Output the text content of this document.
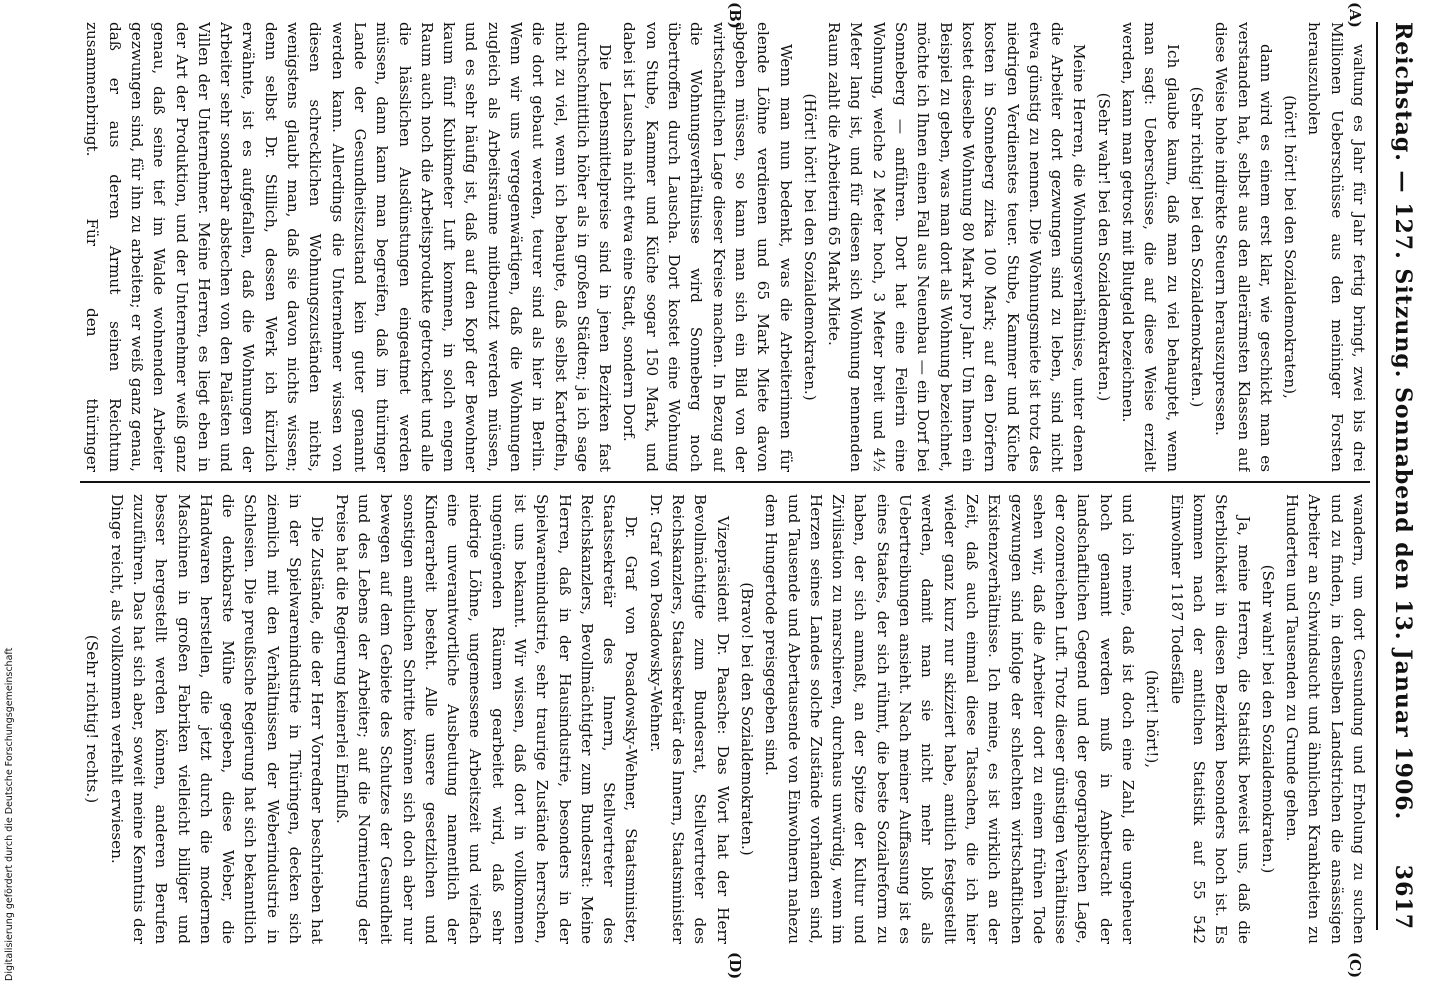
Reichstag. — 127. Sitzung. Sonnabend den 13. Januar 1906.
3617
(A)
(B)
(C)
(D)

waltung es Jahr für Jahr fertig bringt, zwei bis drei Millionen Ueberschüsse aus den meininger Forsten herauszuholen

(hört! hört! bei den Sozialdemokraten),

dann wird es einem erst klar, wie geschickt man es verstanden hat, selbst aus den allerärmsten Klassen auf diese Weise hohe indirekte Steuern herauszupressen.

(Sehr richtig! bei den Sozialdemokraten.)

Ich glaube kaum, daß man zu viel behauptet, wenn man sagt: Ueberschüsse, die auf diese Weise erzielt werden, kann man getrost mit Blutgeld bezeichnen.

(Sehr wahr! bei den Sozialdemokraten.)

Meine Herren, die Wohnungsverhältnisse, unter denen die Arbeiter dort gezwungen sind zu leben, sind nicht etwa günstig zu nennen. Die Wohnungsmiete ist trotz des niedrigen Verdienstes teuer. Stube, Kammer und Küche kosten in Sonneberg zirka 100 Mark; auf den Dörfern kostet dieselbe Wohnung 80 Mark pro Jahr. Um Ihnen ein Beispiel zu geben, was man dort als Wohnung bezeichnet, möchte ich Ihnen einen Fall aus Neuenbau — ein Dorf bei Sonneberg — anführen. Dort hat eine Feilerin eine Wohnung, welche 2 Meter hoch, 3 Meter breit und 4½ Meter lang ist, und für diesen sich Wohnung nennenden Raum zahlt die Arbeiterin 65 Mark Miete.

(Hört! hört! bei den Sozialdemokraten.)

Wenn man nun bedenkt, was die Arbeiterinnen für elende Löhne verdienen und 65 Mark Miete davon abgeben müssen, so kann man sich ein Bild von der wirtschaftlichen Lage dieser Kreise machen. In Bezug auf die Wohnungsverhältnisse wird Sonneberg noch übertroffen durch Lauscha. Dort kostet eine Wohnung von Stube, Kammer und Küche sogar 150 Mark, und dabei ist Lauscha nicht etwa eine Stadt, sondern Dorf.

Die Lebensmittelpreise sind in jenen Bezirken fast durchschnittlich höher als in großen Städten; ja ich sage nicht zu viel, wenn ich behaupte, daß selbst Kartoffeln, die dort gebaut werden, teurer sind als hier in Berlin. Wenn wir uns vergegenwärtigen, daß die Wohnungen zugleich als Arbeitsräume mitbenutzt werden müssen, und es sehr häufig ist, daß auf den Kopf der Bewohner kaum fünf Kubikmeter Luft kommen, in solch engem Raum auch noch die Arbeitsprodukte getrocknet und alle die hässlichen Ausdünstungen eingeatmet werden müssen, dann kann man begreifen, daß im thüringer Lande der Gesundheitszustand kein guter genannt werden kann. Allerdings die Unternehmer wissen von diesen schrecklichen Wohnungszuständen nichts, wenigstens glaubt man, daß sie davon nichts wissen; denn selbst Dr. Stillich, dessen Werk ich kürzlich erwähnte, ist es aufgefallen, daß die Wohnungen der Arbeiter sehr sonderbar abstechen von den Palästen und Villen der Unternehmer. Meine Herren, es liegt eben in der Art der Produktion, und der Unternehmer weiß ganz genau, daß seine tief im Walde wohnenden Arbeiter gezwungen sind, für ihn zu arbeiten; er weiß ganz genau, daß er aus deren Armut seinen Reichtum zusammenbringt. Für den thüringer

wandern, um dort Gesundung und Erholung zu suchen und zu finden, in denselben Landstrichen die ansässigen Arbeiter an Schwindsucht und ähnlichen Krankheiten zu Hunderten und Tausenden zu Grunde gehen.

(Sehr wahr! bei den Sozialdemokraten.)

Ja, meine Herren, die Statistik beweist uns, daß die Sterblichkeit in diesen Bezirken besonders hoch ist. Es kommen nach der amtlichen Statistik auf 55 542 Einwohner 1187 Todesfälle

(hört! hört!),

und ich meine, daß ist doch eine Zahl, die ungeheuer hoch genannt werden muß in Anbetracht der landschaftlichen Gegend und der geographischen Lage, der ozonreichen Luft. Trotz dieser günstigen Verhältnisse sehen wir, daß die Arbeiter dort zu einem frühen Tode gezwungen sind infolge der schlechten wirtschaftlichen Existenzverhältnisse. Ich meine, es ist wirklich an der Zeit, daß auch einmal diese Tatsachen, die ich hier wieder ganz kurz nur skizziert habe, amtlich festgestellt werden, damit man sie nicht mehr bloß als Uebertreibungen ansieht. Nach meiner Auffassung ist es eines Staates, der sich rühmt, die beste Sozialreform zu haben, der sich anmaßt, an der Spitze der Kultur und Zivilisation zu marschieren, durchaus unwürdig, wenn im Herzen seines Landes solche Zustände vorhanden sind, und Tausende und Abertausende von Einwohnern nahezu dem Hungertode preisgegeben sind.

(Bravo! bei den Sozialdemokraten.)

Vizepräsident Dr. Paasche: Das Wort hat der Herr Bevollmächtigte zum Bundesrat, Stellvertreter des Reichskanzlers, Staatssekretär des Innern, Staatsminister Dr. Graf von Posadowsky-Wehner.

Dr. Graf von Posadowsky-Wehner, Staatsminister, Staatssekretär des Innern, Stellvertreter des Reichskanzlers, Bevollmächtigter zum Bundesrat: Meine Herren, daß in der Hausindustrie, besonders in der Spielwarenindustrie, sehr traurige Zustände herrschen, ist uns bekannt. Wir wissen, daß dort in vollkommen ungenügenden Räumen gearbeitet wird, daß sehr niedrige Löhne, ungemessene Arbeitszeit und vielfach eine unverantwortliche Ausbeutung namentlich der Kinderarbeit besteht. Alle unsere gesetzlichen und sonstigen amtlichen Schritte können sich doch aber nur bewegen auf dem Gebiete des Schutzes der Gesundheit und des Lebens der Arbeiter; auf die Normierung der Preise hat die Regierung keinerlei Einfluß.

Die Zustände, die der Herr Vorredner beschrieben hat in der Spielwarenindustrie in Thüringen, decken sich ziemlich mit den Verhältnissen der Weberindustrie in Schlesien. Die preußische Regierung hat sich bekanntlich die denkbarste Mühe gegeben, diese Weber, die Handwaren herstellen, die jetzt durch die modernen Maschinen in großen Fabriken vielleicht billiger und besser hergestellt werden können, anderen Berufen zuzuführen. Das hat sich aber, soweit meine Kenntnis der Dinge reicht, als vollkommen verfehlt erwiesen.

(Sehr richtig! rechts.)

Digitalisierung gefördert durch die Deutsche Forschungsgemeinschaft
